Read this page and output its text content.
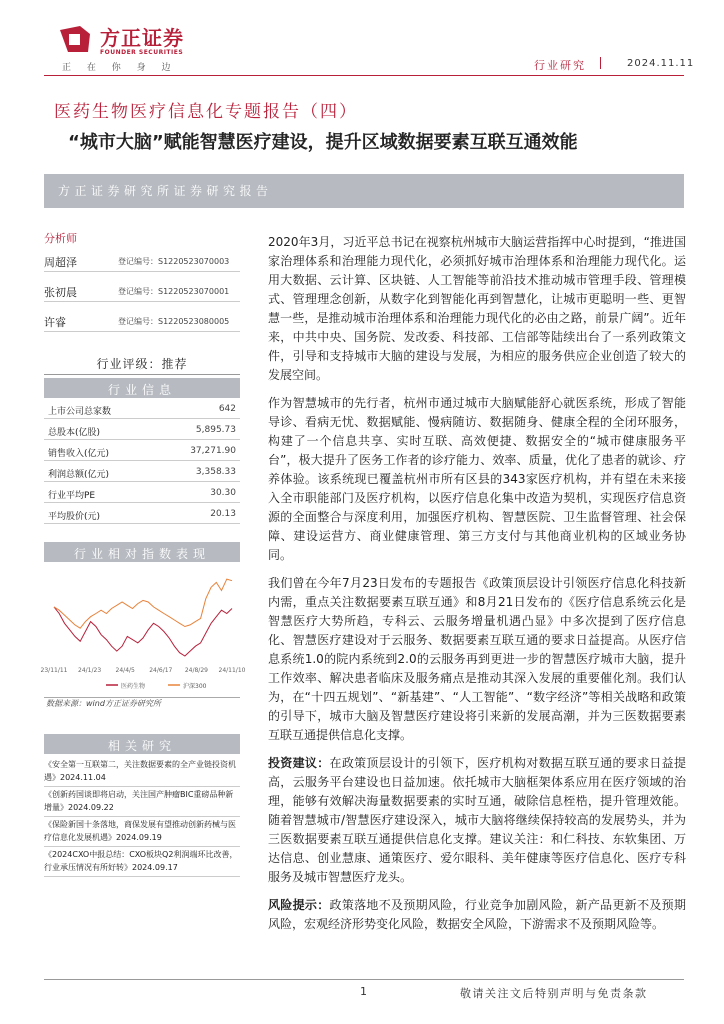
方正证券
FOUNDER SECURITIES
正 在 你 身 边	行业研究	2024.11.11
医药生物医疗信息化专题报告（四）
“城市大脑”赋能智慧医疗建设，提升区域数据要素互联互通效能
方正证券研究所证券研究报告
分析师
周超泽	登记编号：S1220523070003
张初晨	登记编号：S1220523070001
许睿	登记编号：S1220523080005
行业评级：推荐
行业信息
上市公司总家数	642
总股本(亿股)	5,895.73
销售收入(亿元)	37,271.90
利润总额(亿元)	3,358.33
行业平均PE	30.30
平均股价(元)	20.13
行业相对指数表现
23/11/11 24/1/23 24/4/5 24/6/17 24/8/29 24/11/10
医药生物	沪深300
数据来源：wind方正证券研究所
相关研究
《安全第一互联第二，关注数据要素的全产业链投资机遇》2024.11.04
《创新药国谈即将启动，关注国产肿瘤BIC重磅品种新增量》2024.09.22
《保险新国十条落地，商保发展有望推动创新药械与医疗信息化发展机遇》2024.09.19
《2024CXO中报总结：CXO板块Q2利润端环比改善，行业承压情况有所好转》2024.09.17

2020年3月，习近平总书记在视察杭州城市大脑运营指挥中心时提到，“推进国家治理体系和治理能力现代化，必须抓好城市治理体系和治理能力现代化。运用大数据、云计算、区块链、人工智能等前沿技术推动城市管理手段、管理模式、管理理念创新，从数字化到智能化再到智慧化，让城市更聪明一些、更智慧一些，是推动城市治理体系和治理能力现代化的必由之路，前景广阔”。近年来，中共中央、国务院、发改委、科技部、工信部等陆续出台了一系列政策文件，引导和支持城市大脑的建设与发展，为相应的服务供应企业创造了较大的发展空间。

作为智慧城市的先行者，杭州市通过城市大脑赋能舒心就医系统，形成了智能导诊、看病无忧、数据赋能、慢病随访、数据随身、健康全程的全闭环服务，构建了一个信息共享、实时互联、高效便捷、数据安全的“城市健康服务平台”，极大提升了医务工作者的诊疗能力、效率、质量，优化了患者的就诊、疗养体验。该系统现已覆盖杭州市所有区县的343家医疗机构，并有望在未来接入全市职能部门及医疗机构，以医疗信息化集中改造为契机，实现医疗信息资源的全面整合与深度利用，加强医疗机构、智慧医院、卫生监督管理、社会保障、建设运营方、商业健康管理、第三方支付与其他商业机构的区域业务协同。

我们曾在今年7月23日发布的专题报告《政策顶层设计引领医疗信息化科技新内需，重点关注数据要素互联互通》和8月21日发布的《医疗信息系统云化是智慧医疗大势所趋，专科云、云服务增量机遇凸显》中多次提到了医疗信息化、智慧医疗建设对于云服务、数据要素互联互通的要求日益提高。从医疗信息系统1.0的院内系统到2.0的云服务再到更进一步的智慧医疗城市大脑，提升工作效率、解决患者临床及服务痛点是推动其深入发展的重要催化剂。我们认为，在“十四五规划”、“新基建”、“人工智能”、“数字经济”等相关战略和政策的引导下，城市大脑及智慧医疗建设将引来新的发展高潮，并为三医数据要素互联互通提供信息化支撑。

投资建议：在政策顶层设计的引领下，医疗机构对数据互联互通的要求日益提高，云服务平台建设也日益加速。依托城市大脑框架体系应用在医疗领域的治理，能够有效解决海量数据要素的实时互通，破除信息桎梏，提升管理效能。随着智慧城市/智慧医疗建设深入，城市大脑将继续保持较高的发展势头，并为三医数据要素互联互通提供信息化支撑。建议关注：和仁科技、东软集团、万达信息、创业慧康、通策医疗、爱尔眼科、美年健康等医疗信息化、医疗专科服务及城市智慧医疗龙头。

风险提示：政策落地不及预期风险，行业竞争加剧风险，新产品更新不及预期风险，宏观经济形势变化风险，数据安全风险，下游需求不及预期风险等。

1	敬请关注文后特别声明与免责条款
